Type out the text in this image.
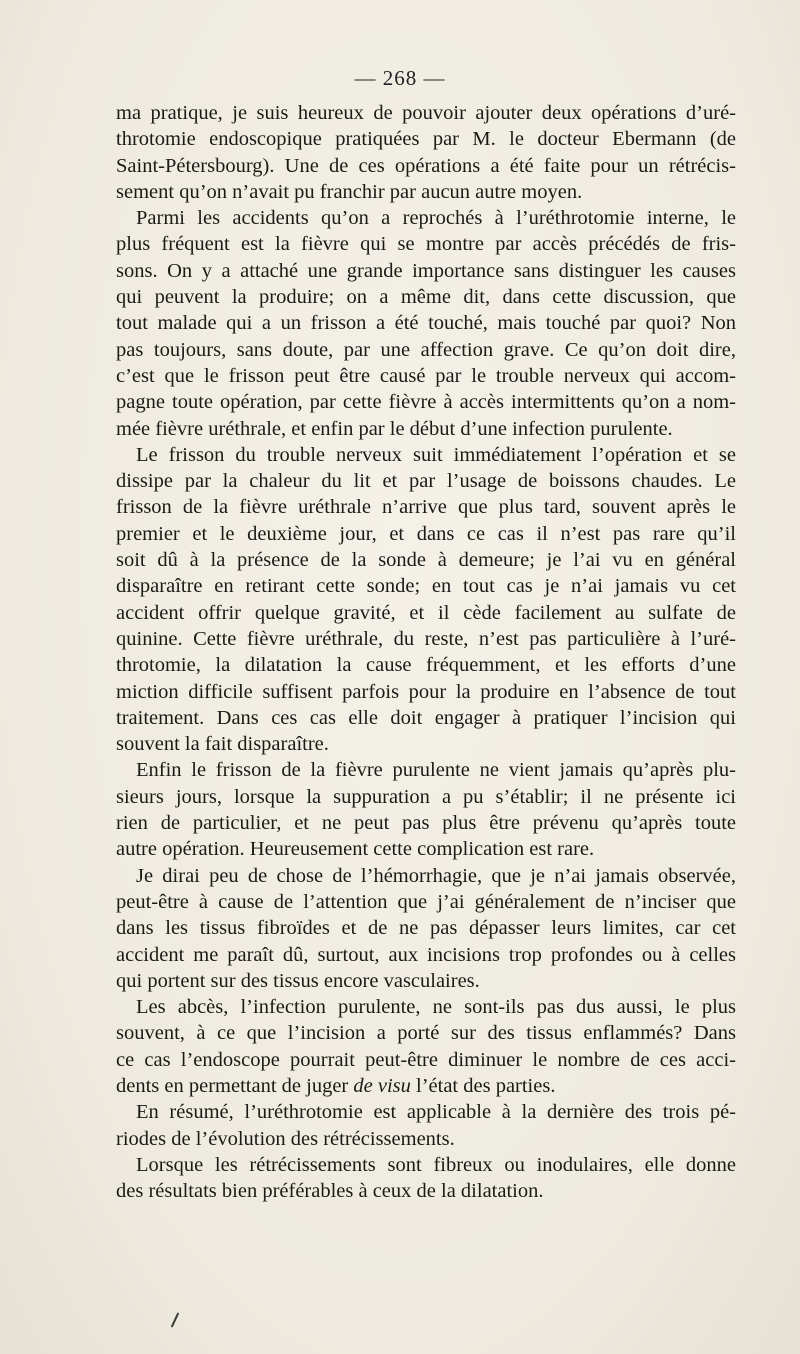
— 268 —
ma pratique, je suis heureux de pouvoir ajouter deux opérations d’uré-
throtomie endoscopique pratiquées par M. le docteur Ebermann (de
Saint-Pétersbourg). Une de ces opérations a été faite pour un rétrécis-
sement qu’on n’avait pu franchir par aucun autre moyen.
Parmi les accidents qu’on a reprochés à l’uréthrotomie interne, le
plus fréquent est la fièvre qui se montre par accès précédés de fris-
sons. On y a attaché une grande importance sans distinguer les causes
qui peuvent la produire; on a même dit, dans cette discussion, que
tout malade qui a un frisson a été touché, mais touché par quoi? Non
pas toujours, sans doute, par une affection grave. Ce qu’on doit dire,
c’est que le frisson peut être causé par le trouble nerveux qui accom-
pagne toute opération, par cette fièvre à accès intermittents qu’on a nom-
mée fièvre uréthrale, et enfin par le début d’une infection purulente.
Le frisson du trouble nerveux suit immédiatement l’opération et se
dissipe par la chaleur du lit et par l’usage de boissons chaudes. Le
frisson de la fièvre uréthrale n’arrive que plus tard, souvent après le
premier et le deuxième jour, et dans ce cas il n’est pas rare qu’il
soit dû à la présence de la sonde à demeure; je l’ai vu en général
disparaître en retirant cette sonde; en tout cas je n’ai jamais vu cet
accident offrir quelque gravité, et il cède facilement au sulfate de
quinine. Cette fièvre uréthrale, du reste, n’est pas particulière à l’uré-
throtomie, la dilatation la cause fréquemment, et les efforts d’une
miction difficile suffisent parfois pour la produire en l’absence de tout
traitement. Dans ces cas elle doit engager à pratiquer l’incision qui
souvent la fait disparaître.
Enfin le frisson de la fièvre purulente ne vient jamais qu’après plu-
sieurs jours, lorsque la suppuration a pu s’établir; il ne présente ici
rien de particulier, et ne peut pas plus être prévenu qu’après toute
autre opération. Heureusement cette complication est rare.
Je dirai peu de chose de l’hémorrhagie, que je n’ai jamais observée,
peut-être à cause de l’attention que j’ai généralement de n’inciser que
dans les tissus fibroïdes et de ne pas dépasser leurs limites, car cet
accident me paraît dû, surtout, aux incisions trop profondes ou à celles
qui portent sur des tissus encore vasculaires.
Les abcès, l’infection purulente, ne sont-ils pas dus aussi, le plus
souvent, à ce que l’incision a porté sur des tissus enflammés? Dans
ce cas l’endoscope pourrait peut-être diminuer le nombre de ces acci-
dents en permettant de juger de visu l’état des parties.
En résumé, l’uréthrotomie est applicable à la dernière des trois pé-
riodes de l’évolution des rétrécissements.
Lorsque les rétrécissements sont fibreux ou inodulaires, elle donne
des résultats bien préférables à ceux de la dilatation.
